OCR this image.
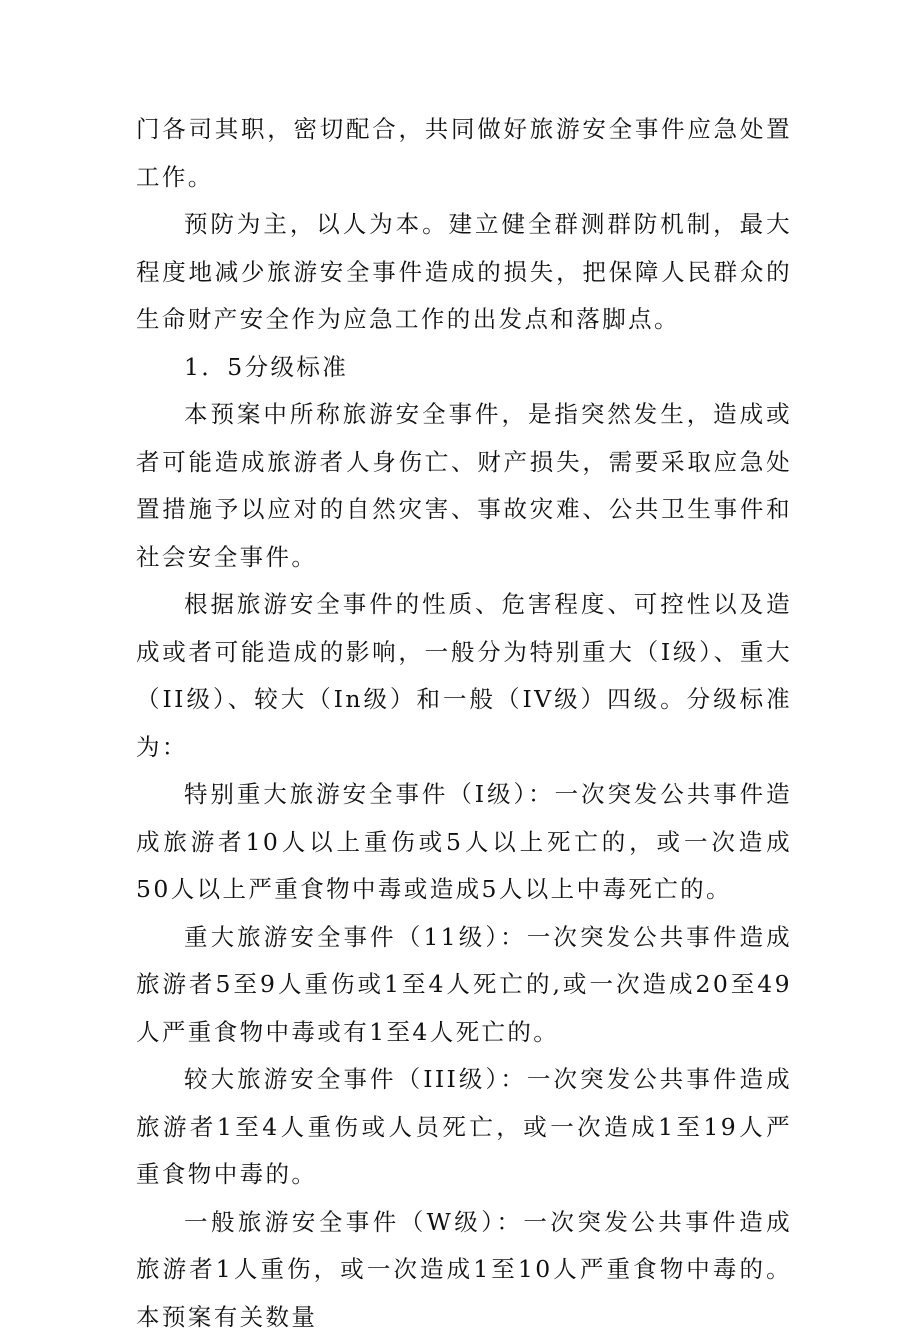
门各司其职，密切配合，共同做好旅游安全事件应急处置工作。

预防为主，以人为本。建立健全群测群防机制，最大程度地减少旅游安全事件造成的损失，把保障人民群众的生命财产安全作为应急工作的出发点和落脚点。

1．5分级标准

本预案中所称旅游安全事件，是指突然发生，造成或者可能造成旅游者人身伤亡、财产损失，需要采取应急处置措施予以应对的自然灾害、事故灾难、公共卫生事件和社会安全事件。

根据旅游安全事件的性质、危害程度、可控性以及造成或者可能造成的影响，一般分为特别重大（I级）、重大（II级）、较大（In级）和一般（IV级）四级。分级标准为：

特别重大旅游安全事件（I级）：一次突发公共事件造成旅游者10人以上重伤或5人以上死亡的，或一次造成50人以上严重食物中毒或造成5人以上中毒死亡的。

重大旅游安全事件（11级）：一次突发公共事件造成旅游者5至9人重伤或1至4人死亡的,或一次造成20至49人严重食物中毒或有1至4人死亡的。

较大旅游安全事件（III级）：一次突发公共事件造成旅游者1至4人重伤或人员死亡，或一次造成1至19人严重食物中毒的。

一般旅游安全事件（W级）：一次突发公共事件造成旅游者1人重伤，或一次造成1至10人严重食物中毒的。本预案有关数量
